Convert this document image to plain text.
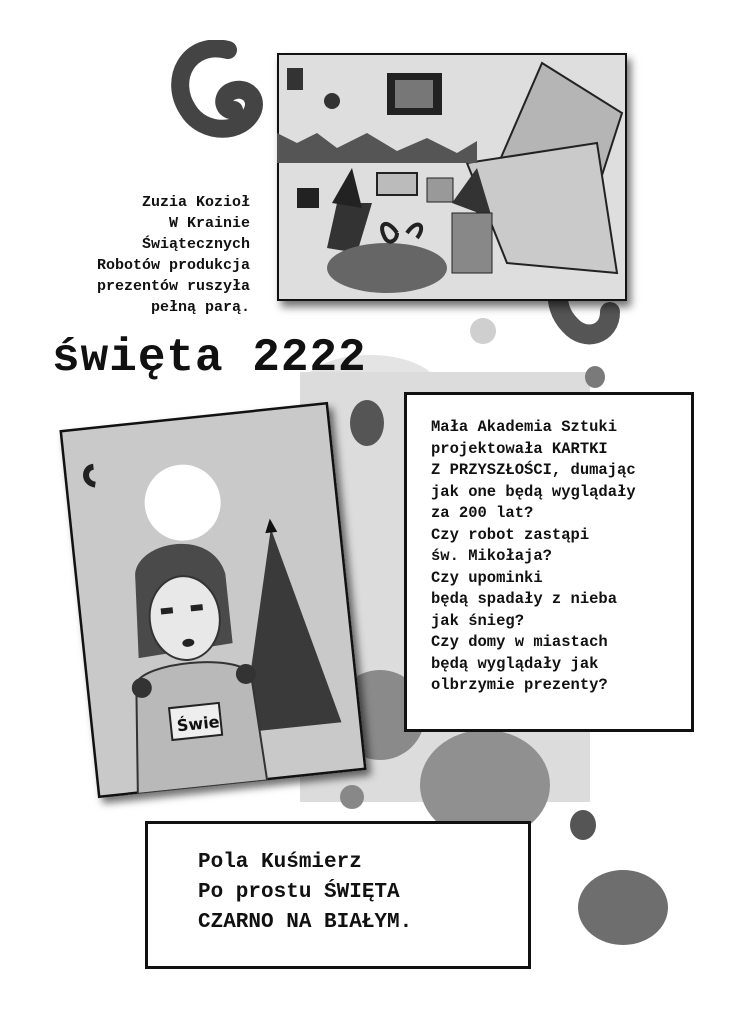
Zuzia Kozioł
W Krainie
Świątecznych
Robotów produkcja
prezentów ruszyła
pełną parą.
święta 2222
Świe

Mała Akademia Sztuki

projektowała KARTKI

Z PRZYSZŁOŚCI, dumając

jak one będą wyglądały

za 200 lat?

Czy robot zastąpi

św. Mikołaja?

Czy upominki

będą spadały z nieba

jak śnieg?

Czy domy w miastach

będą wyglądały jak

olbrzymie prezenty?

Pola Kuśmierz

Po prostu ŚWIĘTA

CZARNO NA BIAŁYM.
